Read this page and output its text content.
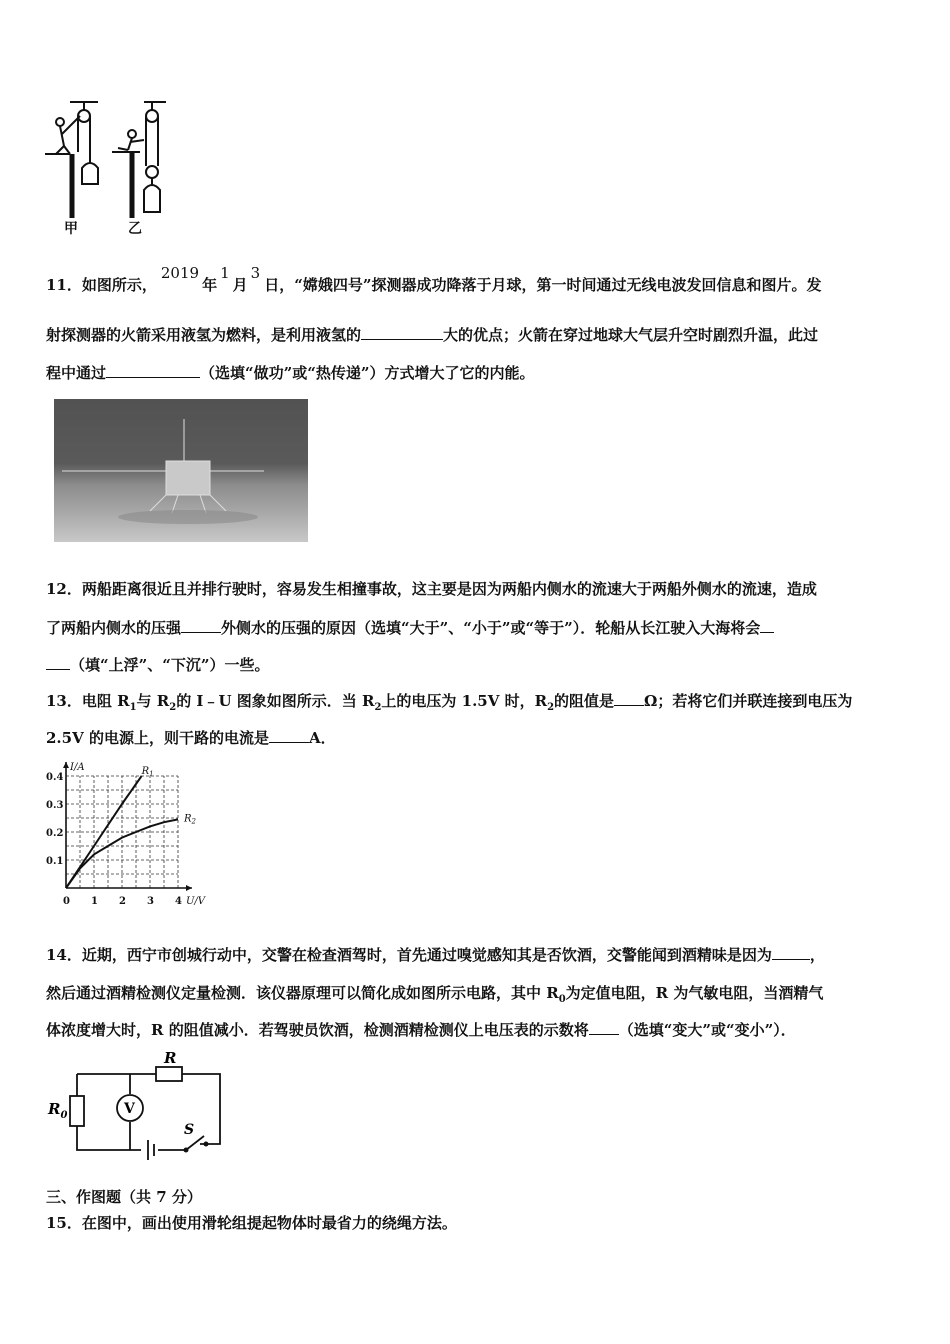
甲	乙
11．如图所示，2019年1月3日，“嫦娥四号”探测器成功降落于月球，第一时间通过无线电波发回信息和图片。发
射探测器的火箭采用液氢为燃料，是利用液氢的	大的优点；火箭在穿过地球大气层升空时剧烈升温，此过
程中通过	（选填“做功”或“热传递”）方式增大了它的内能。
12．两船距离很近且并排行驶时，容易发生相撞事故，这主要是因为两船内侧水的流速大于两船外侧水的流速，造成
了两船内侧水的压强	外侧水的压强的原因（选填“大于”、“小于”或“等于”）．轮船从长江驶入大海将会
（填“上浮”、“下沉”）一些。
13．电阻 $R_1$与 $R_2$的 I﹣U 图象如图所示．当 $R_2$上的电压为 1.5V 时，$R_2$的阻值是 Ω；若将它们并联连接到电压为
2.5V 的电源上，则干路的电流是	A．
I/A
U/V
0 1 2 3 4
0.1
0.2
0.3
0.4
$R_1$
$R_2$
14．近期，西宁市创城行动中，交警在检查酒驾时，首先通过嗅觉感知其是否饮酒，交警能闻到酒精味是因为	，
然后通过酒精检测仪定量检测．该仪器原理可以简化成如图所示电路，其中 $R_0$为定值电阻，R 为气敏电阻，当酒精气
体浓度增大时，R 的阻值减小．若驾驶员饮酒，检测酒精检测仪上电压表的示数将 （选填“变大”或“变小”）．
R
$R_0$	V
S
三、作图题（共 7 分）
15．在图中，画出使用滑轮组提起物体时最省力的绕绳方法。
